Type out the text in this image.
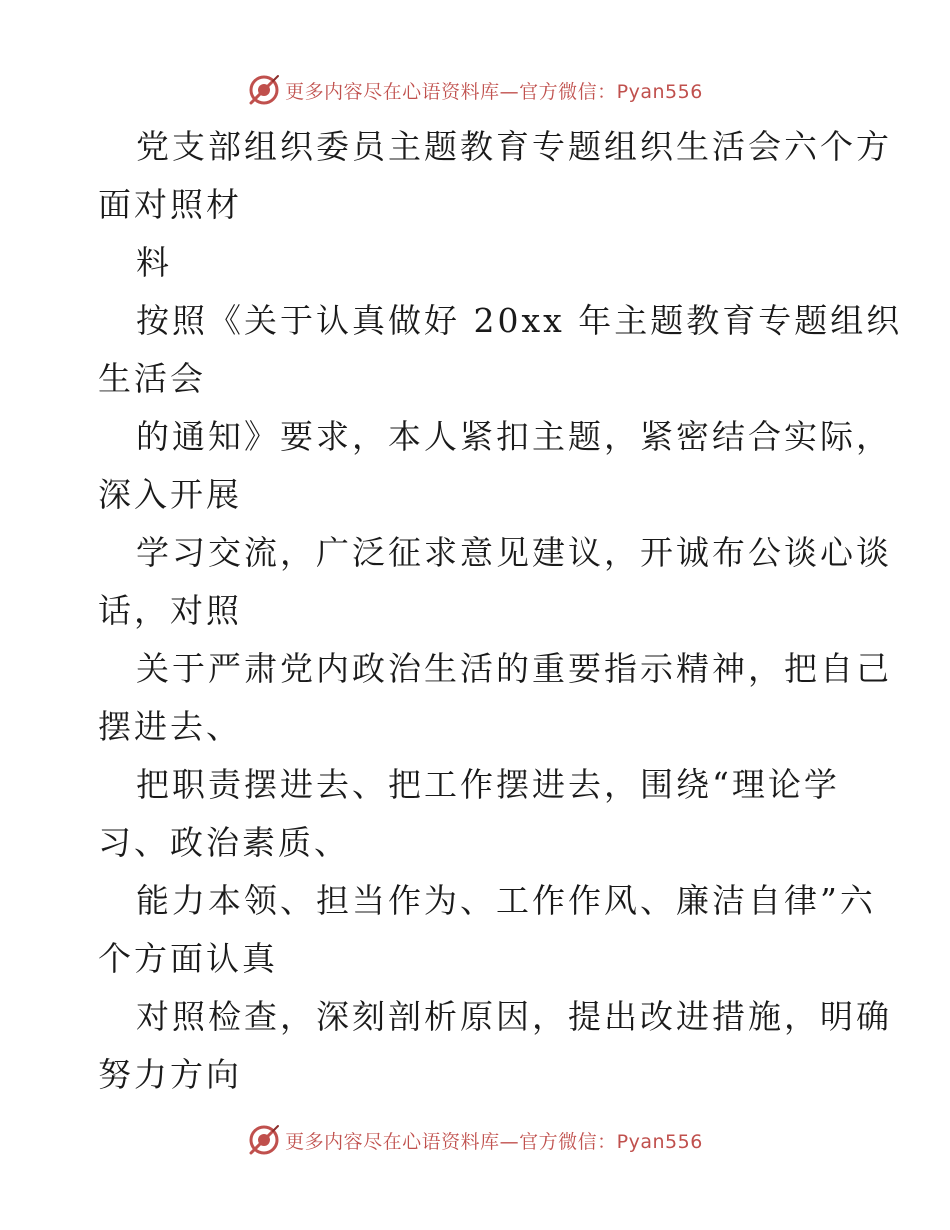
更多内容尽在心语资料库—官方微信：Pyan556
党支部组织委员主题教育专题组织生活会六个方
面对照材
料
按照《关于认真做好 20xx 年主题教育专题组织
生活会
的通知》要求，本人紧扣主题，紧密结合实际，
深入开展
学习交流，广泛征求意见建议，开诚布公谈心谈
话，对照
关于严肃党内政治生活的重要指示精神，把自己
摆进去、
把职责摆进去、把工作摆进去，围绕“理论学
习、政治素质、
能力本领、担当作为、工作作风、廉洁自律”六
个方面认真
对照检查，深刻剖析原因，提出改进措施，明确
努力方向
更多内容尽在心语资料库—官方微信：Pyan556
